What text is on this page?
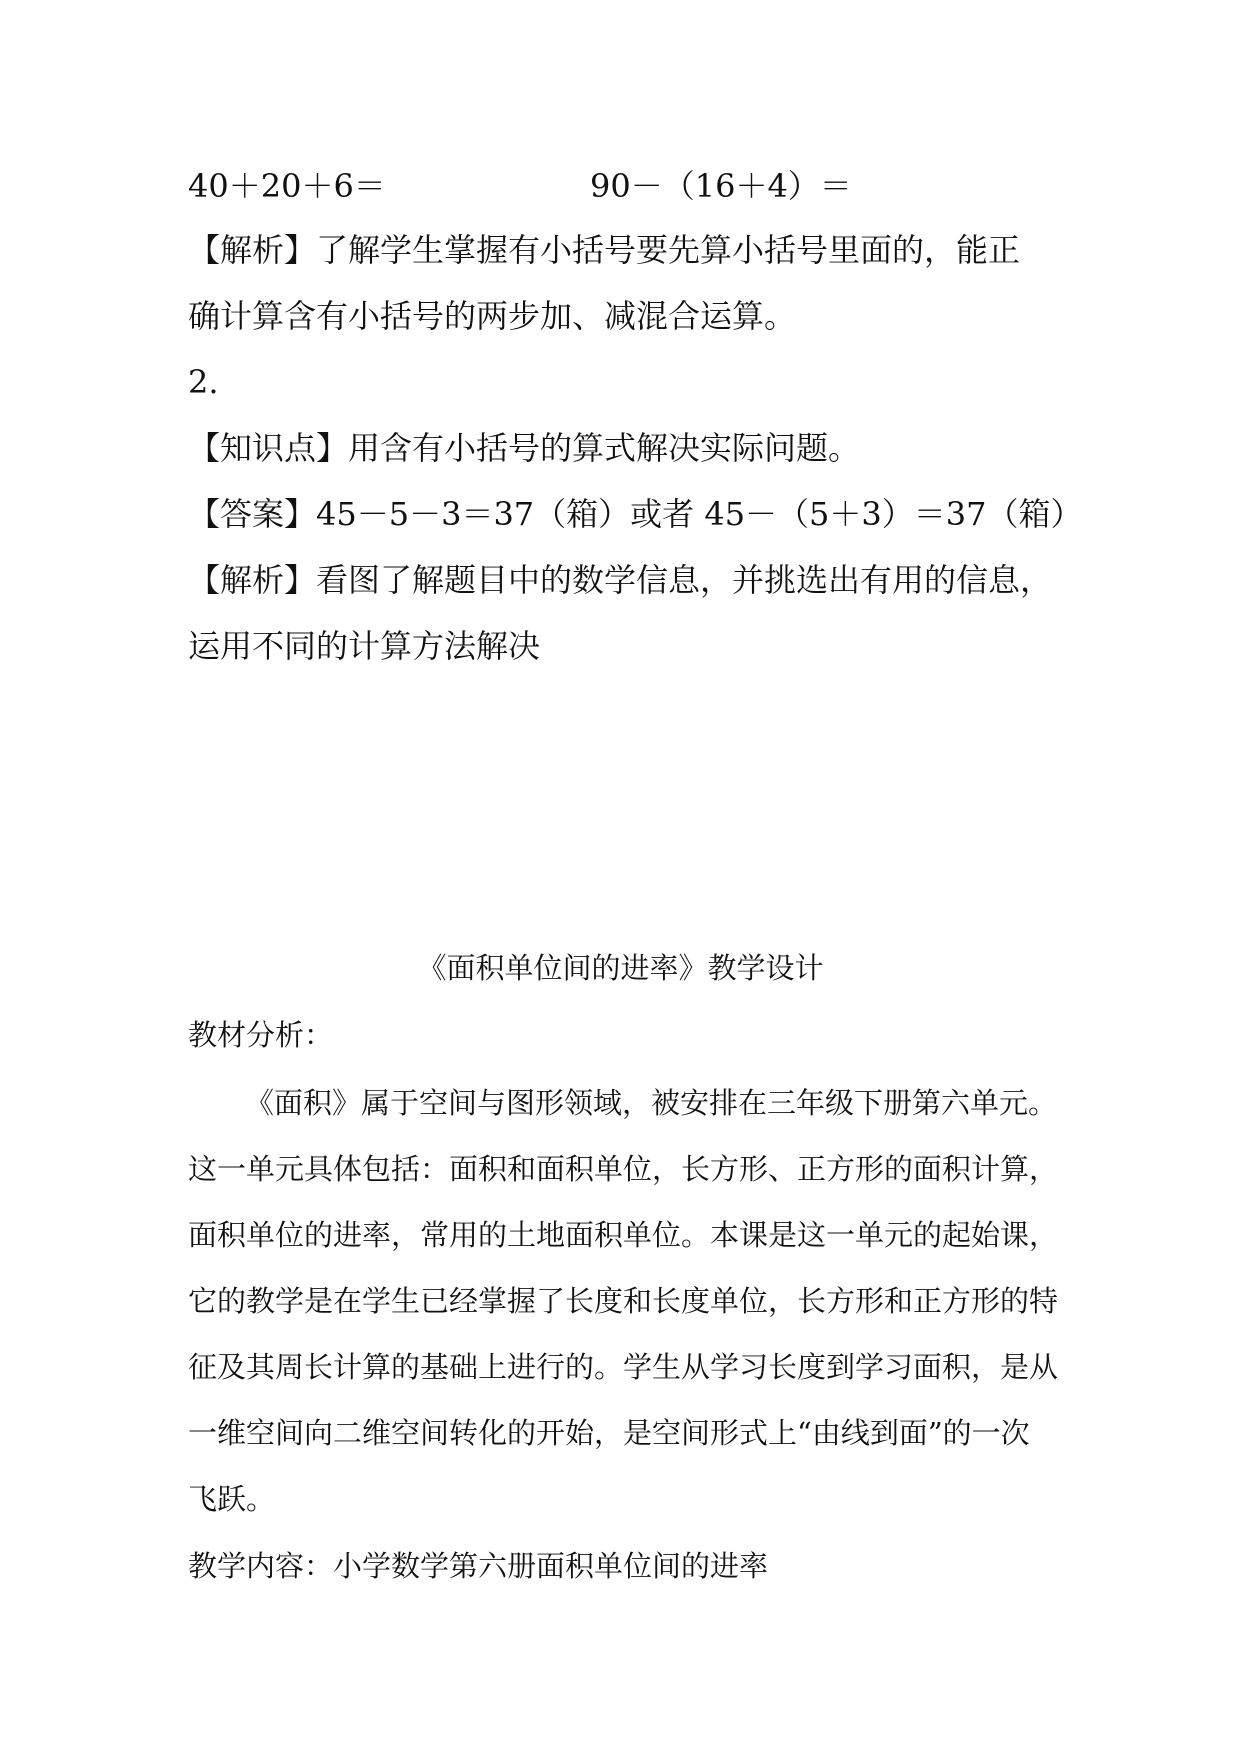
40＋20＋6＝	90－（16＋4）＝
【解析】了解学生掌握有小括号要先算小括号里面的，能正
确计算含有小括号的两步加、减混合运算。
2.
【知识点】用含有小括号的算式解决实际问题。
【答案】45－5－3＝37（箱）或者 45－（5＋3）＝37（箱）
【解析】看图了解题目中的数学信息，并挑选出有用的信息，
运用不同的计算方法解决
《面积单位间的进率》教学设计
教材分析：
《面积》属于空间与图形领域，被安排在三年级下册第六单元。
这一单元具体包括：面积和面积单位，长方形、正方形的面积计算，
面积单位的进率，常用的土地面积单位。本课是这一单元的起始课，
它的教学是在学生已经掌握了长度和长度单位，长方形和正方形的特
征及其周长计算的基础上进行的。学生从学习长度到学习面积，是从
一维空间向二维空间转化的开始，是空间形式上“由线到面”的一次
飞跃。
教学内容：小学数学第六册面积单位间的进率
